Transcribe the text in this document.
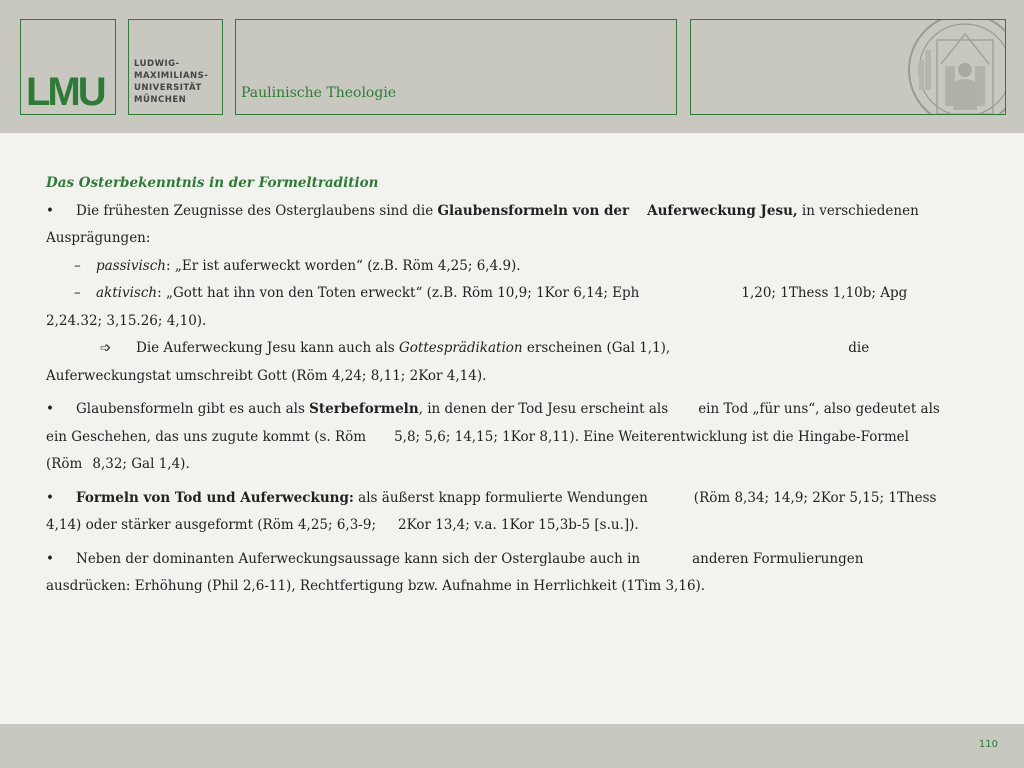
LMU
LUDWIG-
MAXIMILIANS-
UNIVERSITÄT
MÜNCHEN	Paulinische Theologie
Das Osterbekenntnis in der Formeltradition
• Die frühesten Zeugnisse des Osterglaubens sind die Glaubensformeln von der Auferweckung Jesu, in verschiedenen
Ausprägungen:
– passivisch: „Er ist auferweckt worden“ (z.B. Röm 4,25; 6,4.9).
– aktivisch: „Gott hat ihn von den Toten erweckt“ (z.B. Röm 10,9; 1Kor 6,14; Eph	1,20; 1Thess 1,10b; Apg
2,24.32; 3,15.26; 4,10).
➩ Die Auferweckung Jesu kann auch als Gottesprädikation erscheinen (Gal 1,1),	die
Auferweckungstat umschreibt Gott (Röm 4,24; 8,11; 2Kor 4,14).
• Glaubensformeln gibt es auch als Sterbeformeln, in denen der Tod Jesu erscheint als ein Tod „für uns“, also gedeutet als
ein Geschehen, das uns zugute kommt (s. Röm 5,8; 5,6; 14,15; 1Kor 8,11). Eine Weiterentwicklung ist die Hingabe-Formel
(Röm 8,32; Gal 1,4).
• Formeln von Tod und Auferweckung: als äußerst knapp formulierte Wendungen	(Röm 8,34; 14,9; 2Kor 5,15; 1Thess
4,14) oder stärker ausgeformt (Röm 4,25; 6,3-9; 2Kor 13,4; v.a. 1Kor 15,3b-5 [s.u.]).
• Neben der dominanten Auferweckungsaussage kann sich der Osterglaube auch in	anderen Formulierungen
ausdrücken: Erhöhung (Phil 2,6-11), Rechtfertigung bzw. Aufnahme in Herrlichkeit (1Tim 3,16).
110
